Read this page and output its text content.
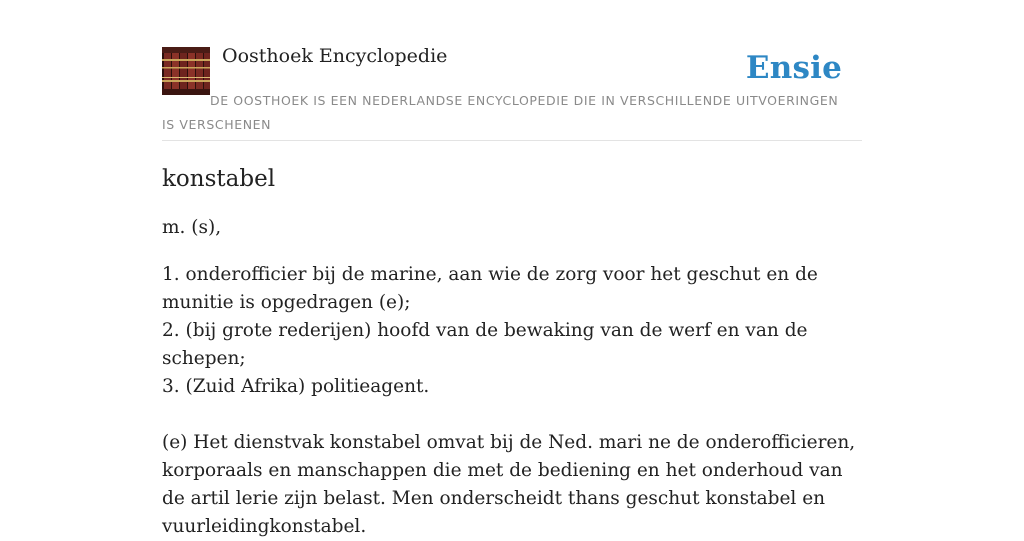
Oosthoek Encyclopedie	Ensie
DE OOSTHOEK IS EEN NEDERLANDSE ENCYCLOPEDIE DIE IN VERSCHILLENDE UITVOERINGEN IS VERSCHENEN
konstabel

m. (s),

1. onderofficier bij de marine, aan wie de zorg voor het geschut en de munitie is opgedragen (e);
2. (bij grote rederijen) hoofd van de bewaking van de werf en van de schepen;
3. (Zuid Afrika) politieagent.

(e) Het dienstvak konstabel omvat bij de Ned. mari ne de onderofficieren, korporaals en manschappen die met de bediening en het onderhoud van de artil lerie zijn belast. Men onderscheidt thans geschut konstabel en vuurleidingkonstabel.
